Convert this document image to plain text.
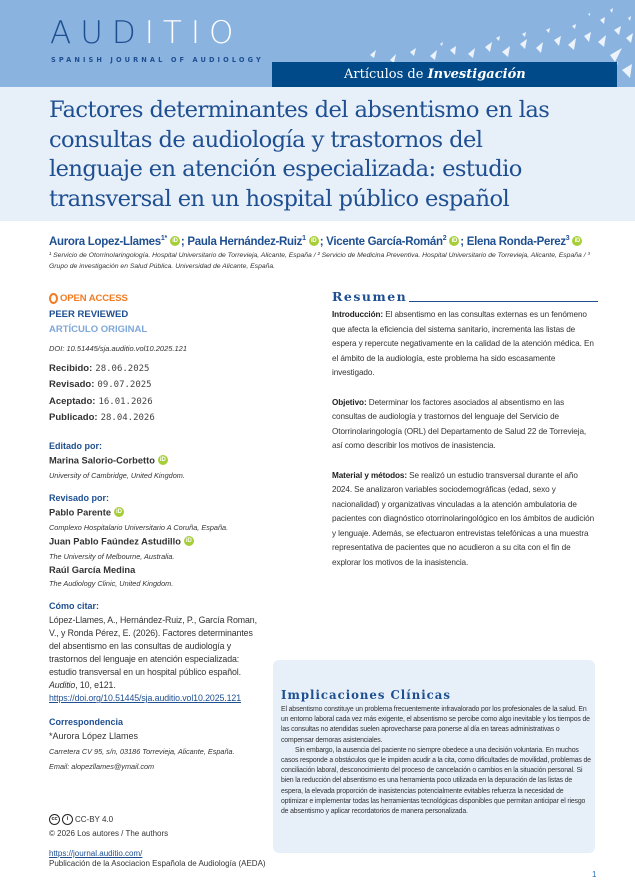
AUDITIO
SPANISH JOURNAL OF AUDIOLOGY
Artículos de Investigación
Factores determinantes del absentismo en las consultas de audiología y trastornos del lenguaje en atención especializada: estudio transversal en un hospital público español
Aurora Lopez-Llames$^{1*}$ iD ; Paula Hernández-Ruiz$^1$ iD ; Vicente García-Román$^2$ iD ; Elena Ronda-Perez$^3$ iD
¹ Servicio de Otorrinolaringología. Hospital Universitario de Torrevieja, Alicante, España / ² Servicio de Medicina Preventiva. Hospital Universitario de Torrevieja, Alicante, España / ³ Grupo de investigación en Salud Pública. Universidad de Alicante, España.
OPEN ACCESS
PEER REVIEWED
ARTÍCULO ORIGINAL
DOI: 10.51445/sja.auditio.vol10.2025.121
Recibido: 28.06.2025
Revisado: 09.07.2025
Aceptado: 16.01.2026
Publicado: 28.04.2026
Editado por:
Marina Salorio-Corbetto iD
University of Cambridge, United Kingdom.
Revisado por:
Pablo Parente iD
Complexo Hospitalario Universitario A Coruña, España.
Juan Pablo Faúndez Astudillo iD
The University of Melbourne, Australia.
Raúl García Medina
The Audiology Clinic, United Kingdom.
Cómo citar:
López-Llames, A., Hernández-Ruiz, P., García Roman, V., y Ronda Pérez, E. (2026). Factores determinantes del absentismo en las consultas de audiología y trastornos del lenguaje en atención especializada: estudio transversal en un hospital público español. Auditio, 10, e121. https://doi.org/10.51445/sja.auditio.vol10.2025.121
Correspondencia
*Aurora López Llames
Carretera CV 95, s/n, 03186 Torrevieja, Alicante, España.
Email: alopezllames@ymail.com
cc	i CC-BY 4.0
© 2026 Los autores / The authors
https://journal.auditio.com/
Publicación de la Asociacion Española de Audiología (AEDA)
Resumen

Introducción: El absentismo en las consultas externas es un fenómeno que afecta la eficiencia del sistema sanitario, incrementa las listas de espera y repercute negativamente en la calidad de la atención médica. En el ámbito de la audiología, este problema ha sido escasamente investigado.

Objetivo: Determinar los factores asociados al absentismo en las consultas de audiología y trastornos del lenguaje del Servicio de Otorrinolaringología (ORL) del Departamento de Salud 22 de Torrevieja, así como describir los motivos de inasistencia.

Material y métodos: Se realizó un estudio transversal durante el año 2024. Se analizaron variables sociodemográficas (edad, sexo y nacionalidad) y organizativas vinculadas a la atención ambulatoria de pacientes con diagnóstico otorrinolaringológico en los ámbitos de audición y lenguaje. Además, se efectuaron entrevistas telefónicas a una muestra representativa de pacientes que no acudieron a su cita con el fin de explorar los motivos de la inasistencia.

Implicaciones Clínicas

El absentismo constituye un problema frecuentemente infravalorado por los profesionales de la salud. En un entorno laboral cada vez más exigente, el absentismo se percibe como algo inevitable y los tiempos de las consultas no atendidas suelen aprovecharse para ponerse al día en tareas administrativas o compensar demoras asistenciales.

Sin embargo, la ausencia del paciente no siempre obedece a una decisión voluntaria. En muchos casos responde a obstáculos que le impiden acudir a la cita, como dificultades de movilidad, problemas de conciliación laboral, desconocimiento del proceso de cancelación o cambios en la situación personal. Si bien la reducción del absentismo es una herramienta poco utilizada en la depuración de las listas de espera, la elevada proporción de inasistencias potencialmente evitables refuerza la necesidad de optimizar e implementar todas las herramientas tecnológicas disponibles que permitan anticipar el riesgo de absentismo y aplicar recordatorios de manera personalizada.

1
